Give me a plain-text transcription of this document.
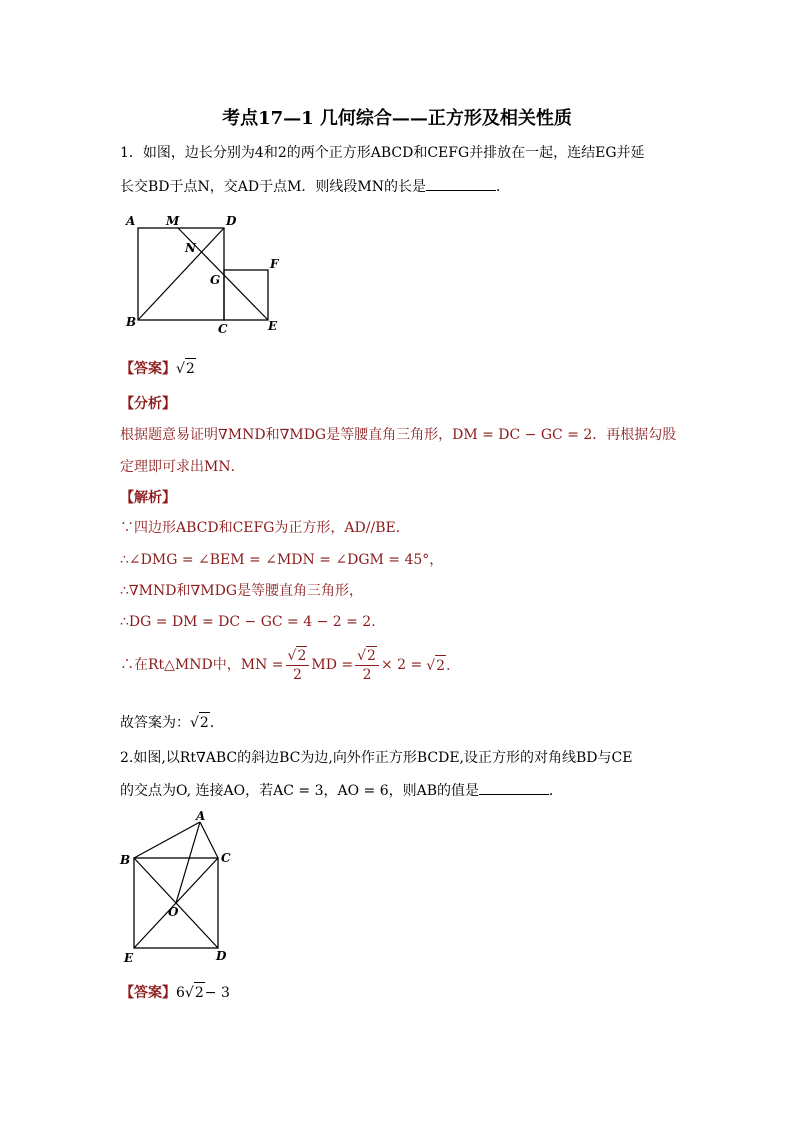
考点17—1 几何综合——正方形及相关性质
1．如图，边长分别为4和2的两个正方形ABCD和CEFG并排放在一起，连结EG并延
长交BD于点N，交AD于点M．则线段MN的长是	．
A	M	D
N
G
F
B	C	E
【答案】√2
【分析】
根据题意易证明∇MND和∇MDG是等腰直角三角形，DM = DC − GC = 2．再根据勾股
定理即可求出MN．
【解析】
∵四边形ABCD和CEFG为正方形，AD//BE．
∴∠DMG = ∠BEM = ∠MDN = ∠DGM = 45°，
∴∇MND和∇MDG是等腰直角三角形，
∴DG = DM = DC − GC = 4 − 2 = 2．
∴在Rt△MND中，MN = $\frac{√2}{2}$ MD = $\frac{√2}{2} \times 2 = √2$．
故答案为：√2．
2.如图,以Rt∇ABC的斜边BC为边,向外作正方形BCDE,设正方形的对角线BD与CE
的交点为O, 连接AO，若AC = 3，AO = 6，则AB的值是	．
A
B	C
O
E	D
【答案】6√2− 3
